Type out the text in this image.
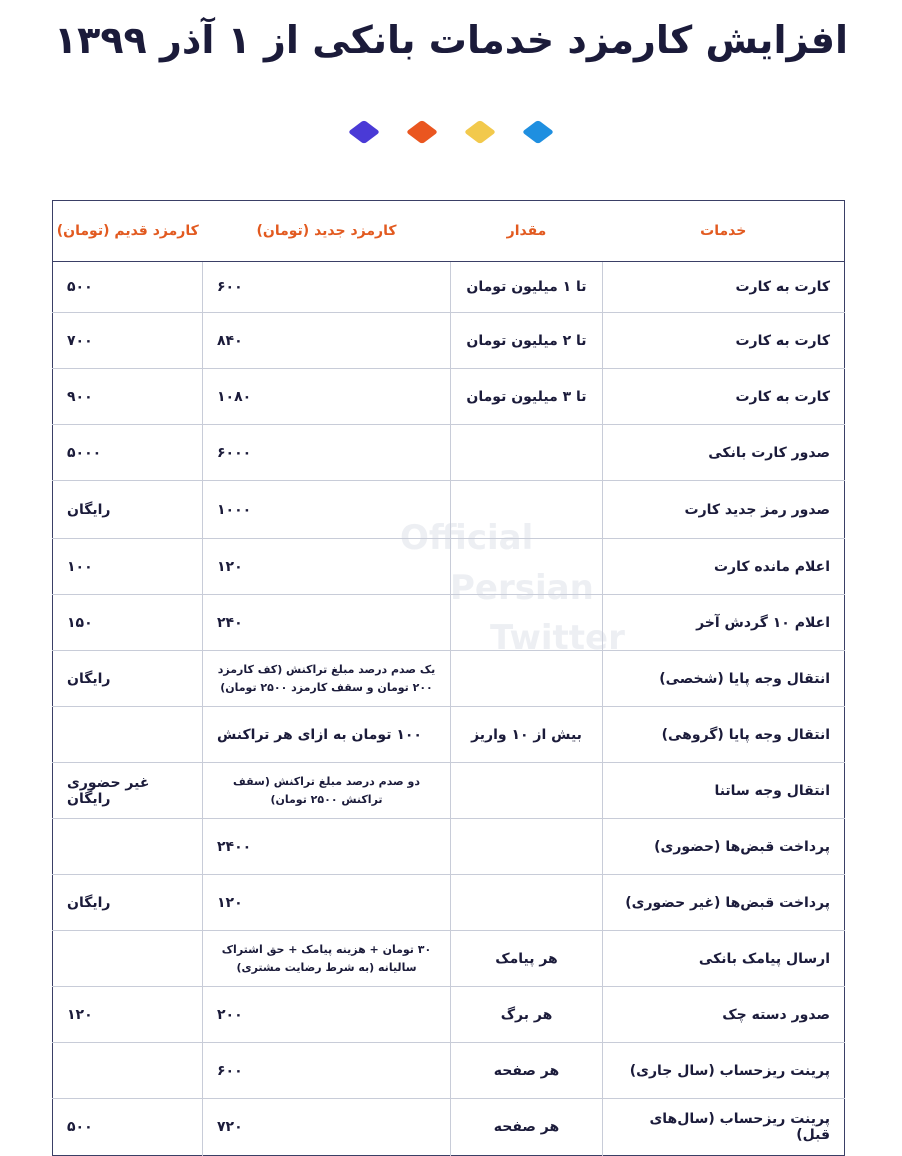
افزایش کارمزد خدمات بانکی از ۱ آذر ۱۳۹۹
Official
Persian
Twitter
خدمات	مقدار	کارمزد جدید (تومان)	کارمزد قدیم (تومان)
کارت به کارت	تا ۱ میلیون تومان	۶۰۰	۵۰۰
کارت به کارت	تا ۲ میلیون تومان	۸۴۰	۷۰۰
کارت به کارت	تا ۳ میلیون تومان	۱۰۸۰	۹۰۰
صدور کارت بانکی		۶۰۰۰	۵۰۰۰
صدور رمز جدید کارت		۱۰۰۰	رایگان
اعلام مانده کارت		۱۲۰	۱۰۰
اعلام ۱۰ گردش آخر		۲۴۰	۱۵۰
انتقال وجه پایا (شخصی)		یک صدم درصد مبلغ تراکنش (کف کارمزد ۲۰۰ تومان و سقف کارمزد ۲۵۰۰ تومان)	رایگان
انتقال وجه پایا (گروهی)	بیش از ۱۰ واریز	۱۰۰ تومان به ازای هر تراکنش	
انتقال وجه ساتنا		دو صدم درصد مبلغ تراکنش (سقف تراکنش ۲۵۰۰ تومان)	غیر حضوری رایگان
پرداخت قبض‌ها (حضوری)		۲۴۰۰	
پرداخت قبض‌ها (غیر حضوری)		۱۲۰	رایگان
ارسال پیامک بانکی	هر پیامک	۳۰ تومان + هزینه پیامک + حق اشتراک سالیانه (به شرط رضایت مشتری)	
صدور دسته چک	هر برگ	۲۰۰	۱۲۰
پرینت ریزحساب (سال جاری)	هر صفحه	۶۰۰	
پرینت ریزحساب (سال‌های قبل)	هر صفحه	۷۲۰	۵۰۰
